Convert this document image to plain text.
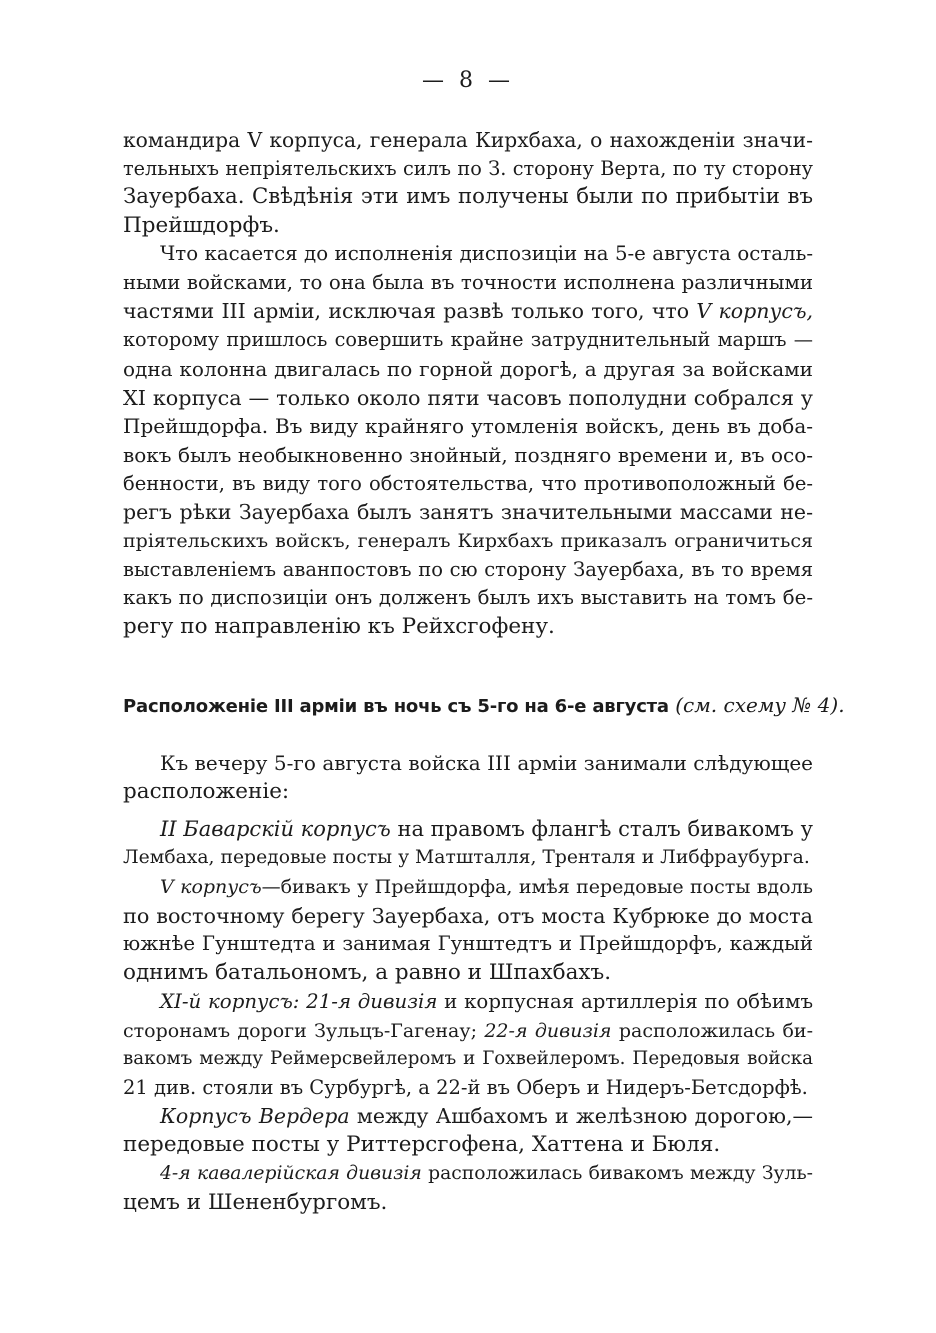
— 8 —
командира V корпуса, генерала Кирхбаха, о нахожденiи значи-
тельныхъ непрiятельскихъ силъ по З. сторону Верта, по ту сторону
Зауербаха. Свѣдѣнiя эти имъ получены были по прибытiи въ
Прейшдорфъ.
Что касается до исполненiя диспозицiи на 5-е августа осталь-
ными войсками, то она была въ точности исполнена различными
частями III армiи, исключая развѣ только того, что V корпусъ,
которому пришлось совершить крайне затруднительный маршъ —
одна колонна двигалась по горной дорогѣ, а другая за войсками
XI корпуса — только около пяти часовъ пополудни собрался у
Прейшдорфа. Въ виду крайняго утомленiя войскъ, день въ добa-
вокъ былъ необыкновенно знойный, поздняго времени и, въ осо-
бенности, въ виду того обстоятельства, что противоположный бе-
регъ рѣки Зауербаха былъ занятъ значительными массами не-
прiятельскихъ войскъ, генералъ Кирхбахъ приказалъ ограничиться
выставленiемъ аванпостовъ по сю сторону Зауербаха, въ то время
какъ по диспозицiи онъ долженъ былъ ихъ выставить на томъ бе-
регу по направленiю къ Рейхсгофену.
Расположенiе III армiи въ ночь съ 5-го на 6-е августа (см. схему № 4).
Къ вечеру 5-го августа войска III армiи занимали слѣдующее
расположенiе:
II Баварскiй корпусъ на правомъ флангѣ сталъ бивакомъ у
Лембаха, передовые посты у Матшталля, Тренталя и Либфраубурга.
V корпусъ—бивакъ у Прейшдорфа, имѣя передовые посты вдоль
по восточному берегу Зауербаха, отъ моста Кубрюке до моста
южнѣе Гунштедта и занимая Гунштедтъ и Прейшдорфъ, каждый
однимъ батальономъ, а равно и Шпахбахъ.
XI-й корпусъ: 21-я дивизiя и корпусная артиллерiя по обѣимъ
сторонамъ дороги Зульцъ-Гагенау; 22-я дивизiя расположилась би-
вакомъ между Реймерсвейлеромъ и Гохвейлеромъ. Передовыя войска
21 див. стояли въ Сурбургѣ, а 22-й въ Оберъ и Нидеръ-Бетсдорфѣ.
Корпусъ Вердера между Ашбахомъ и желѣзною дорогою,—
передовые посты у Риттерсгофена, Хаттена и Бюля.
4-я кавалерiйская дивизiя расположилась бивакомъ между Зуль-
цемъ и Шененбургомъ.
